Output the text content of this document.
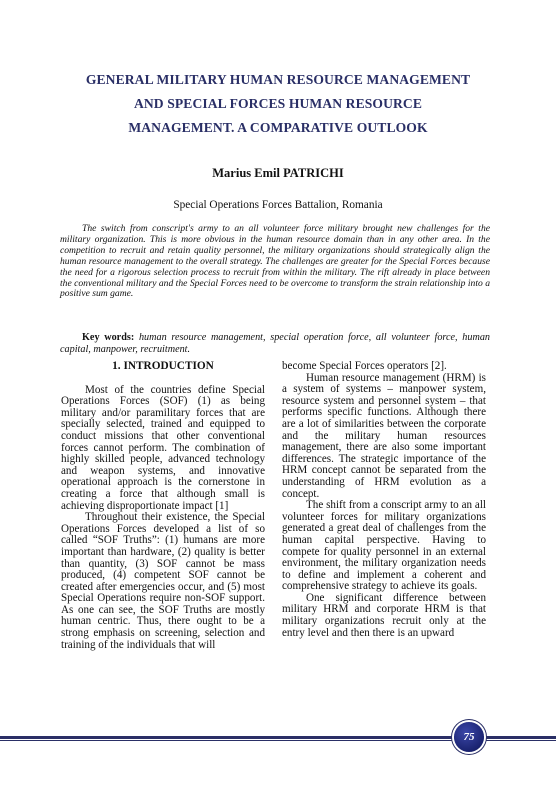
GENERAL MILITARY HUMAN RESOURCE MANAGEMENT
AND SPECIAL FORCES HUMAN RESOURCE
MANAGEMENT. A COMPARATIVE OUTLOOK
Marius Emil PATRICHI
Special Operations Forces Battalion, Romania
The switch from conscript's army to an all volunteer force military brought new challenges for the military organization. This is more obvious in the human resource domain than in any other area. In the competition to recruit and retain quality personnel, the military organizations should strategically align the human resource management to the overall strategy. The challenges are greater for the Special Forces because the need for a rigorous selection process to recruit from within the military. The rift already in place between the conventional military and the Special Forces need to be overcome to transform the strain relationship into a positive sum game.
Key words: human resource management, special operation force, all volunteer force, human capital, manpower, recruitment.
1. INTRODUCTION

Most of the countries define Special Operations Forces (SOF) (1) as being military and/or paramilitary forces that are specially selected, trained and equipped to conduct missions that other conventional forces cannot perform. The combination of highly skilled people, advanced technology and weapon systems, and innovative operational approach is the cornerstone in creating a force that although small is achieving disproportionate impact [1]

Throughout their existence, the Special Operations Forces developed a list of so called “SOF Truths”: (1) humans are more important than hardware, (2) quality is better than quantity, (3) SOF cannot be mass produced, (4) competent SOF cannot be created after emergencies occur, and (5) most Special Operations require non-SOF support. As one can see, the SOF Truths are mostly human centric. Thus, there ought to be a strong emphasis on screening, selection and training of the individuals that will

become Special Forces operators [2].

Human resource management (HRM) is a system of systems – manpower system, resource system and personnel system – that performs specific functions. Although there are a lot of similarities between the corporate and the military human resources management, there are also some important differences. The strategic importance of the HRM concept cannot be separated from the understanding of HRM evolution as a concept.

The shift from a conscript army to an all volunteer forces for military organizations generated a great deal of challenges from the human capital perspective. Having to compete for quality personnel in an external environment, the military organization needs to define and implement a coherent and comprehensive strategy to achieve its goals.

One significant difference between military HRM and corporate HRM is that military organizations recruit only at the entry level and then there is an upward

75
